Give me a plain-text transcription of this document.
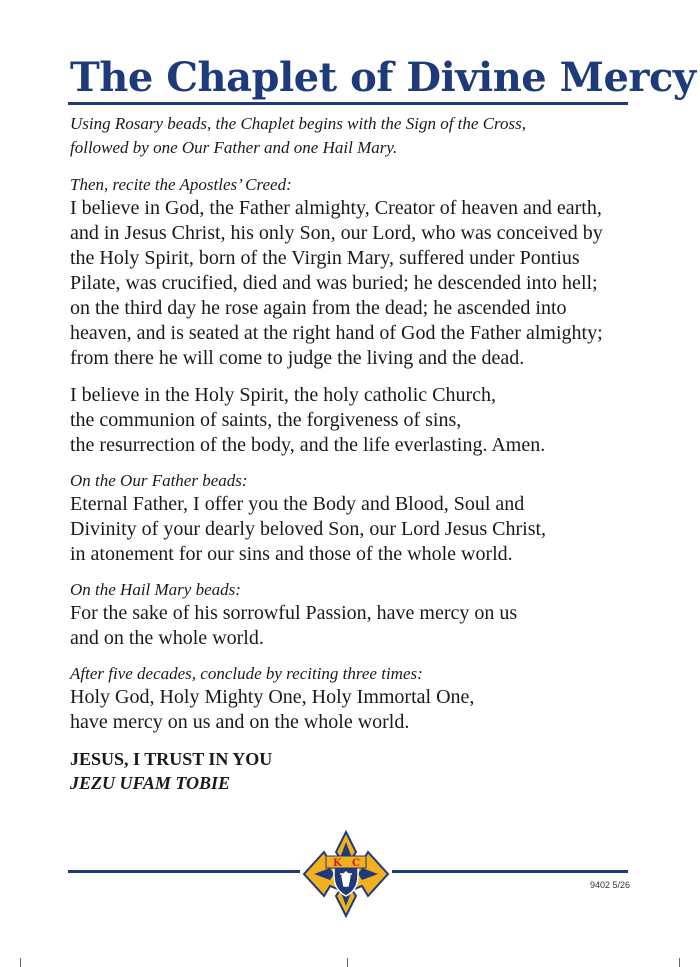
The Chaplet of Divine Mercy

Using Rosary beads, the Chaplet begins with the Sign of the Cross,
followed by one Our Father and one Hail Mary.

Then, recite the Apostles’ Creed:

I believe in God, the Father almighty, Creator of heaven and earth,
and in Jesus Christ, his only Son, our Lord, who was conceived by
the Holy Spirit, born of the Virgin Mary, suffered under Pontius
Pilate, was crucified, died and was buried; he descended into hell;
on the third day he rose again from the dead; he ascended into
heaven, and is seated at the right hand of God the Father almighty;
from there he will come to judge the living and the dead.

I believe in the Holy Spirit, the holy catholic Church,
the communion of saints, the forgiveness of sins,
the resurrection of the body, and the life everlasting. Amen.

On the Our Father beads:

Eternal Father, I offer you the Body and Blood, Soul and
Divinity of your dearly beloved Son, our Lord Jesus Christ,
in atonement for our sins and those of the whole world.

On the Hail Mary beads:

For the sake of his sorrowful Passion, have mercy on us
and on the whole world.

After five decades, conclude by reciting three times:

Holy God, Holy Mighty One, Holy Immortal One,
have mercy on us and on the whole world.

JESUS, I TRUST IN YOU

JEZU UFAM TOBIE

K C
9402 5/26
